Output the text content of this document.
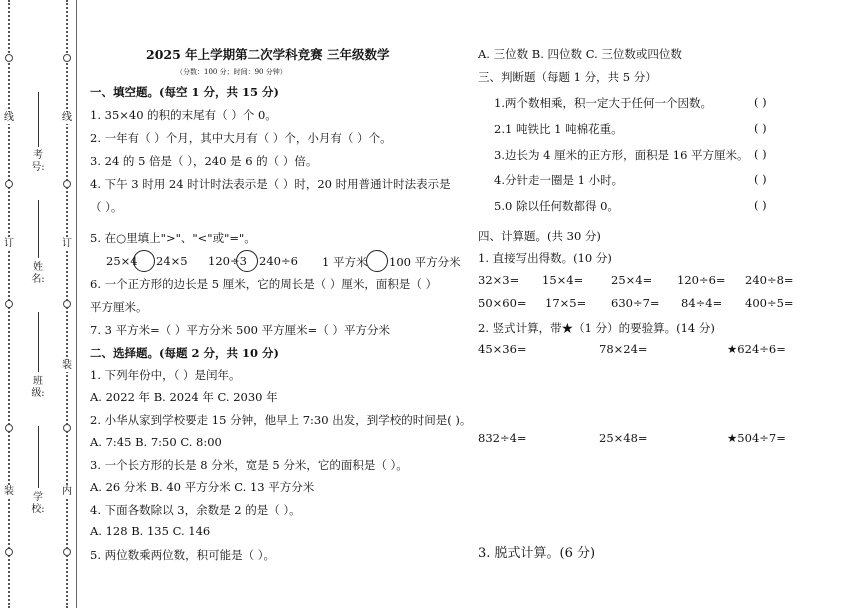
线
订
装
线
订
装
内
考号:
姓名:
班级:
学校:
2025 年上学期第二次学科竞赛 三年级数学
（分数：100 分；时间：90 分钟）
一、填空题。(每空 1 分，共 15 分)
1. 35×40 的积的末尾有（ ）个 0。
2. 一年有（ ）个月，其中大月有（ ）个，小月有（ ）个。
3. 24 的 5 倍是（ ），240 是 6 的（ ）倍。
4. 下午 3 时用 24 时计时法表示是（ ）时，20 时用普通计时法表示是
（ ）。
5. 在○里填上">"、"<"或"="。
25×4 24×5 120÷3 240÷6 1 平方米 100 平方分米
6. 一个正方形的边长是 5 厘米，它的周长是（ ）厘米，面积是（ ）
平方厘米。
7. 3 平方米=（ ）平方分米 500 平方厘米=（ ）平方分米
二、选择题。(每题 2 分，共 10 分)
1. 下列年份中，（ ）是闰年。
A. 2022 年 B. 2024 年 C. 2030 年
2. 小华从家到学校要走 15 分钟，他早上 7:30 出发，到学校的时间是( )。
A. 7:45 B. 7:50 C. 8:00
3. 一个长方形的长是 8 分米，宽是 5 分米，它的面积是（ ）。
A. 26 分米 B. 40 平方分米 C. 13 平方分米
4. 下面各数除以 3，余数是 2 的是（ ）。
A. 128 B. 135 C. 146
5. 两位数乘两位数，积可能是（ ）。
A. 三位数 B. 四位数 C. 三位数或四位数
三、判断题（每题 1 分，共 5 分）
1.两个数相乘，积一定大于任何一个因数。	( )
2.1 吨铁比 1 吨棉花重。	( )
3.边长为 4 厘米的正方形，面积是 16 平方厘米。 ( )
4.分针走一圈是 1 小时。	( )
5.0 除以任何数都得 0。	( )
四、计算题。(共 30 分)
1. 直接写出得数。(10 分)
32×3= 15×4= 25×4= 120÷6= 240÷8=
50×60= 17×5= 630÷7= 84÷4= 400÷5=
2. 竖式计算，带★（1 分）的要验算。(14 分)
45×36=	78×24=	★624÷6=
832÷4=	25×48=	★504÷7=
3. 脱式计算。(6 分)
